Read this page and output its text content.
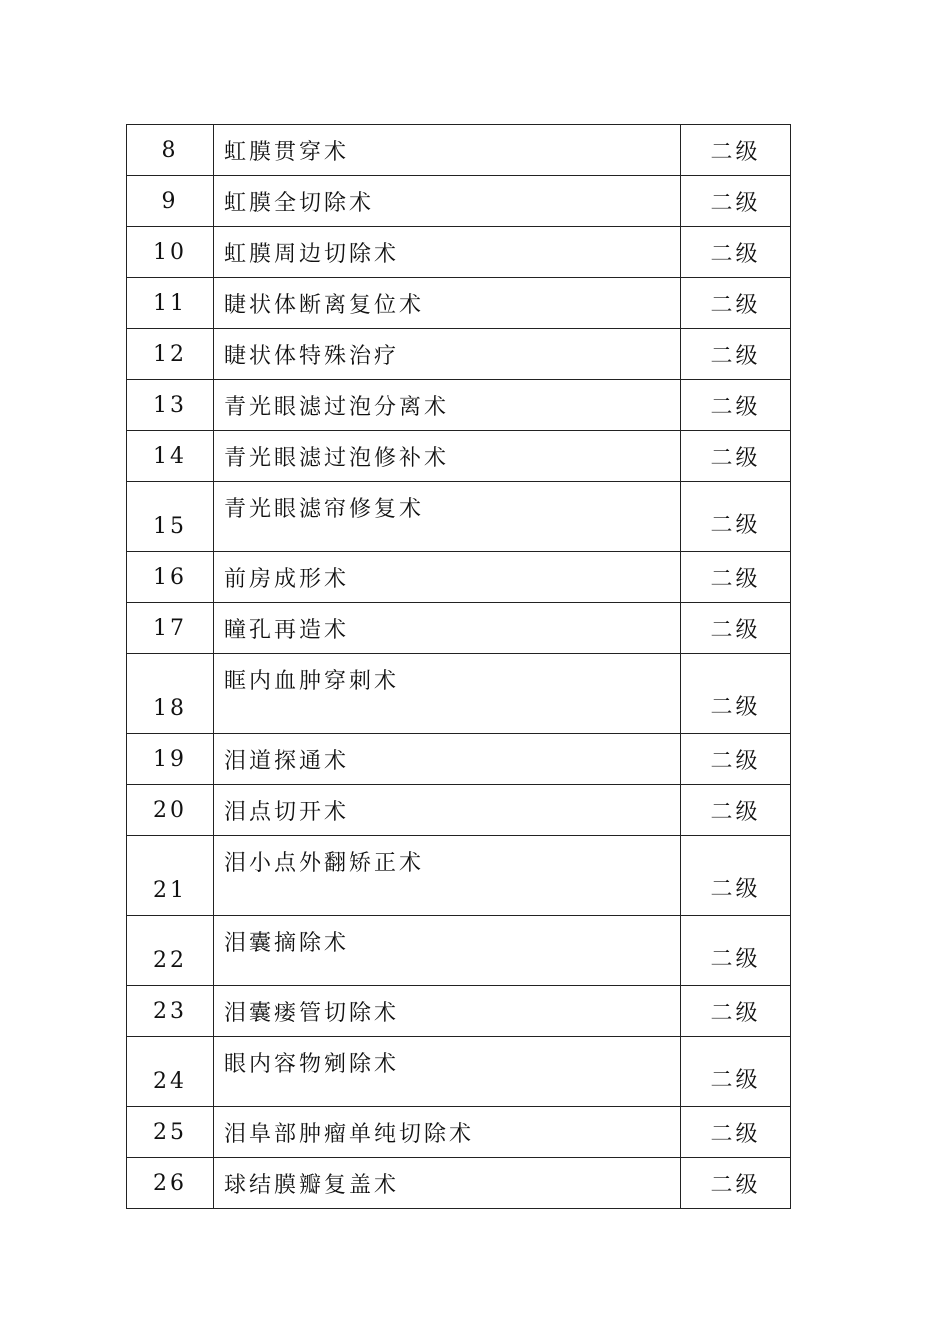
8	虹膜贯穿术	二级
9	虹膜全切除术	二级
10	虹膜周边切除术	二级
11	睫状体断离复位术	二级
12	睫状体特殊治疗	二级
13	青光眼滤过泡分离术	二级
14	青光眼滤过泡修补术	二级
15	青光眼滤帘修复术	二级
16	前房成形术	二级
17	瞳孔再造术	二级
18	眶内血肿穿刺术	二级
19	泪道探通术	二级
20	泪点切开术	二级
21	泪小点外翻矫正术	二级
22	泪囊摘除术	二级
23	泪囊瘘管切除术	二级
24	眼内容物剜除术	二级
25	泪阜部肿瘤单纯切除术	二级
26	球结膜瓣复盖术	二级
